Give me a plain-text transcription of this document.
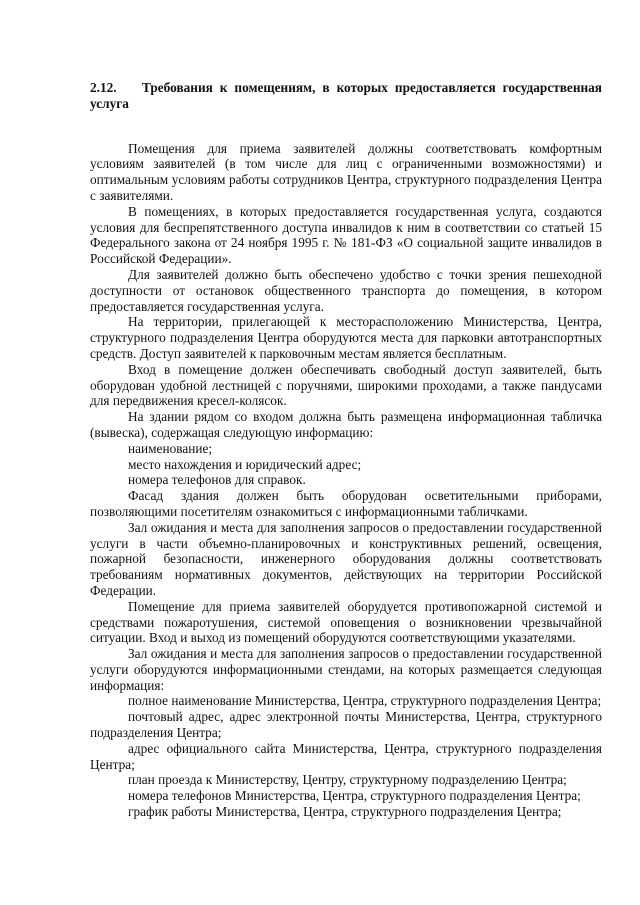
2.12. Требования к помещениям, в которых предоставляется государственная услуга

Помещения для приема заявителей должны соответствовать комфортным условиям заявителей (в том числе для лиц с ограниченными возможностями) и оптимальным условиям работы сотрудников Центра, структурного подразделения Центра с заявителями.

В помещениях, в которых предоставляется государственная услуга, создаются условия для беспрепятственного доступа инвалидов к ним в соответствии со статьей 15 Федерального закона от 24 ноября 1995 г. № 181-ФЗ «О социальной защите инвалидов в Российской Федерации».

Для заявителей должно быть обеспечено удобство с точки зрения пешеходной доступности от остановок общественного транспорта до помещения, в котором предоставляется государственная услуга.

На территории, прилегающей к месторасположению Министерства, Центра, структурного подразделения Центра оборудуются места для парковки автотранспортных средств. Доступ заявителей к парковочным местам является бесплатным.

Вход в помещение должен обеспечивать свободный доступ заявителей, быть оборудован удобной лестницей с поручнями, широкими проходами, а также пандусами для передвижения кресел-колясок.

На здании рядом со входом должна быть размещена информационная табличка (вывеска), содержащая следующую информацию:

наименование;

место нахождения и юридический адрес;

номера телефонов для справок.

Фасад здания должен быть оборудован осветительными приборами, позволяющими посетителям ознакомиться с информационными табличками.

Зал ожидания и места для заполнения запросов о предоставлении государственной услуги в части объемно-планировочных и конструктивных решений, освещения, пожарной безопасности, инженерного оборудования должны соответствовать требованиям нормативных документов, действующих на территории Российской Федерации.

Помещение для приема заявителей оборудуется противопожарной системой и средствами пожаротушения, системой оповещения о возникновении чрезвычайной ситуации. Вход и выход из помещений оборудуются соответствующими указателями.

Зал ожидания и места для заполнения запросов о предоставлении государственной услуги оборудуются информационными стендами, на которых размещается следующая информация:

полное наименование Министерства, Центра, структурного подразделения Центра;

почтовый адрес, адрес электронной почты Министерства, Центра, структурного подразделения Центра;

адрес официального сайта Министерства, Центра, структурного подразделения Центра;

план проезда к Министерству, Центру, структурному подразделению Центра;

номера телефонов Министерства, Центра, структурного подразделения Центра;

график работы Министерства, Центра, структурного подразделения Центра;
